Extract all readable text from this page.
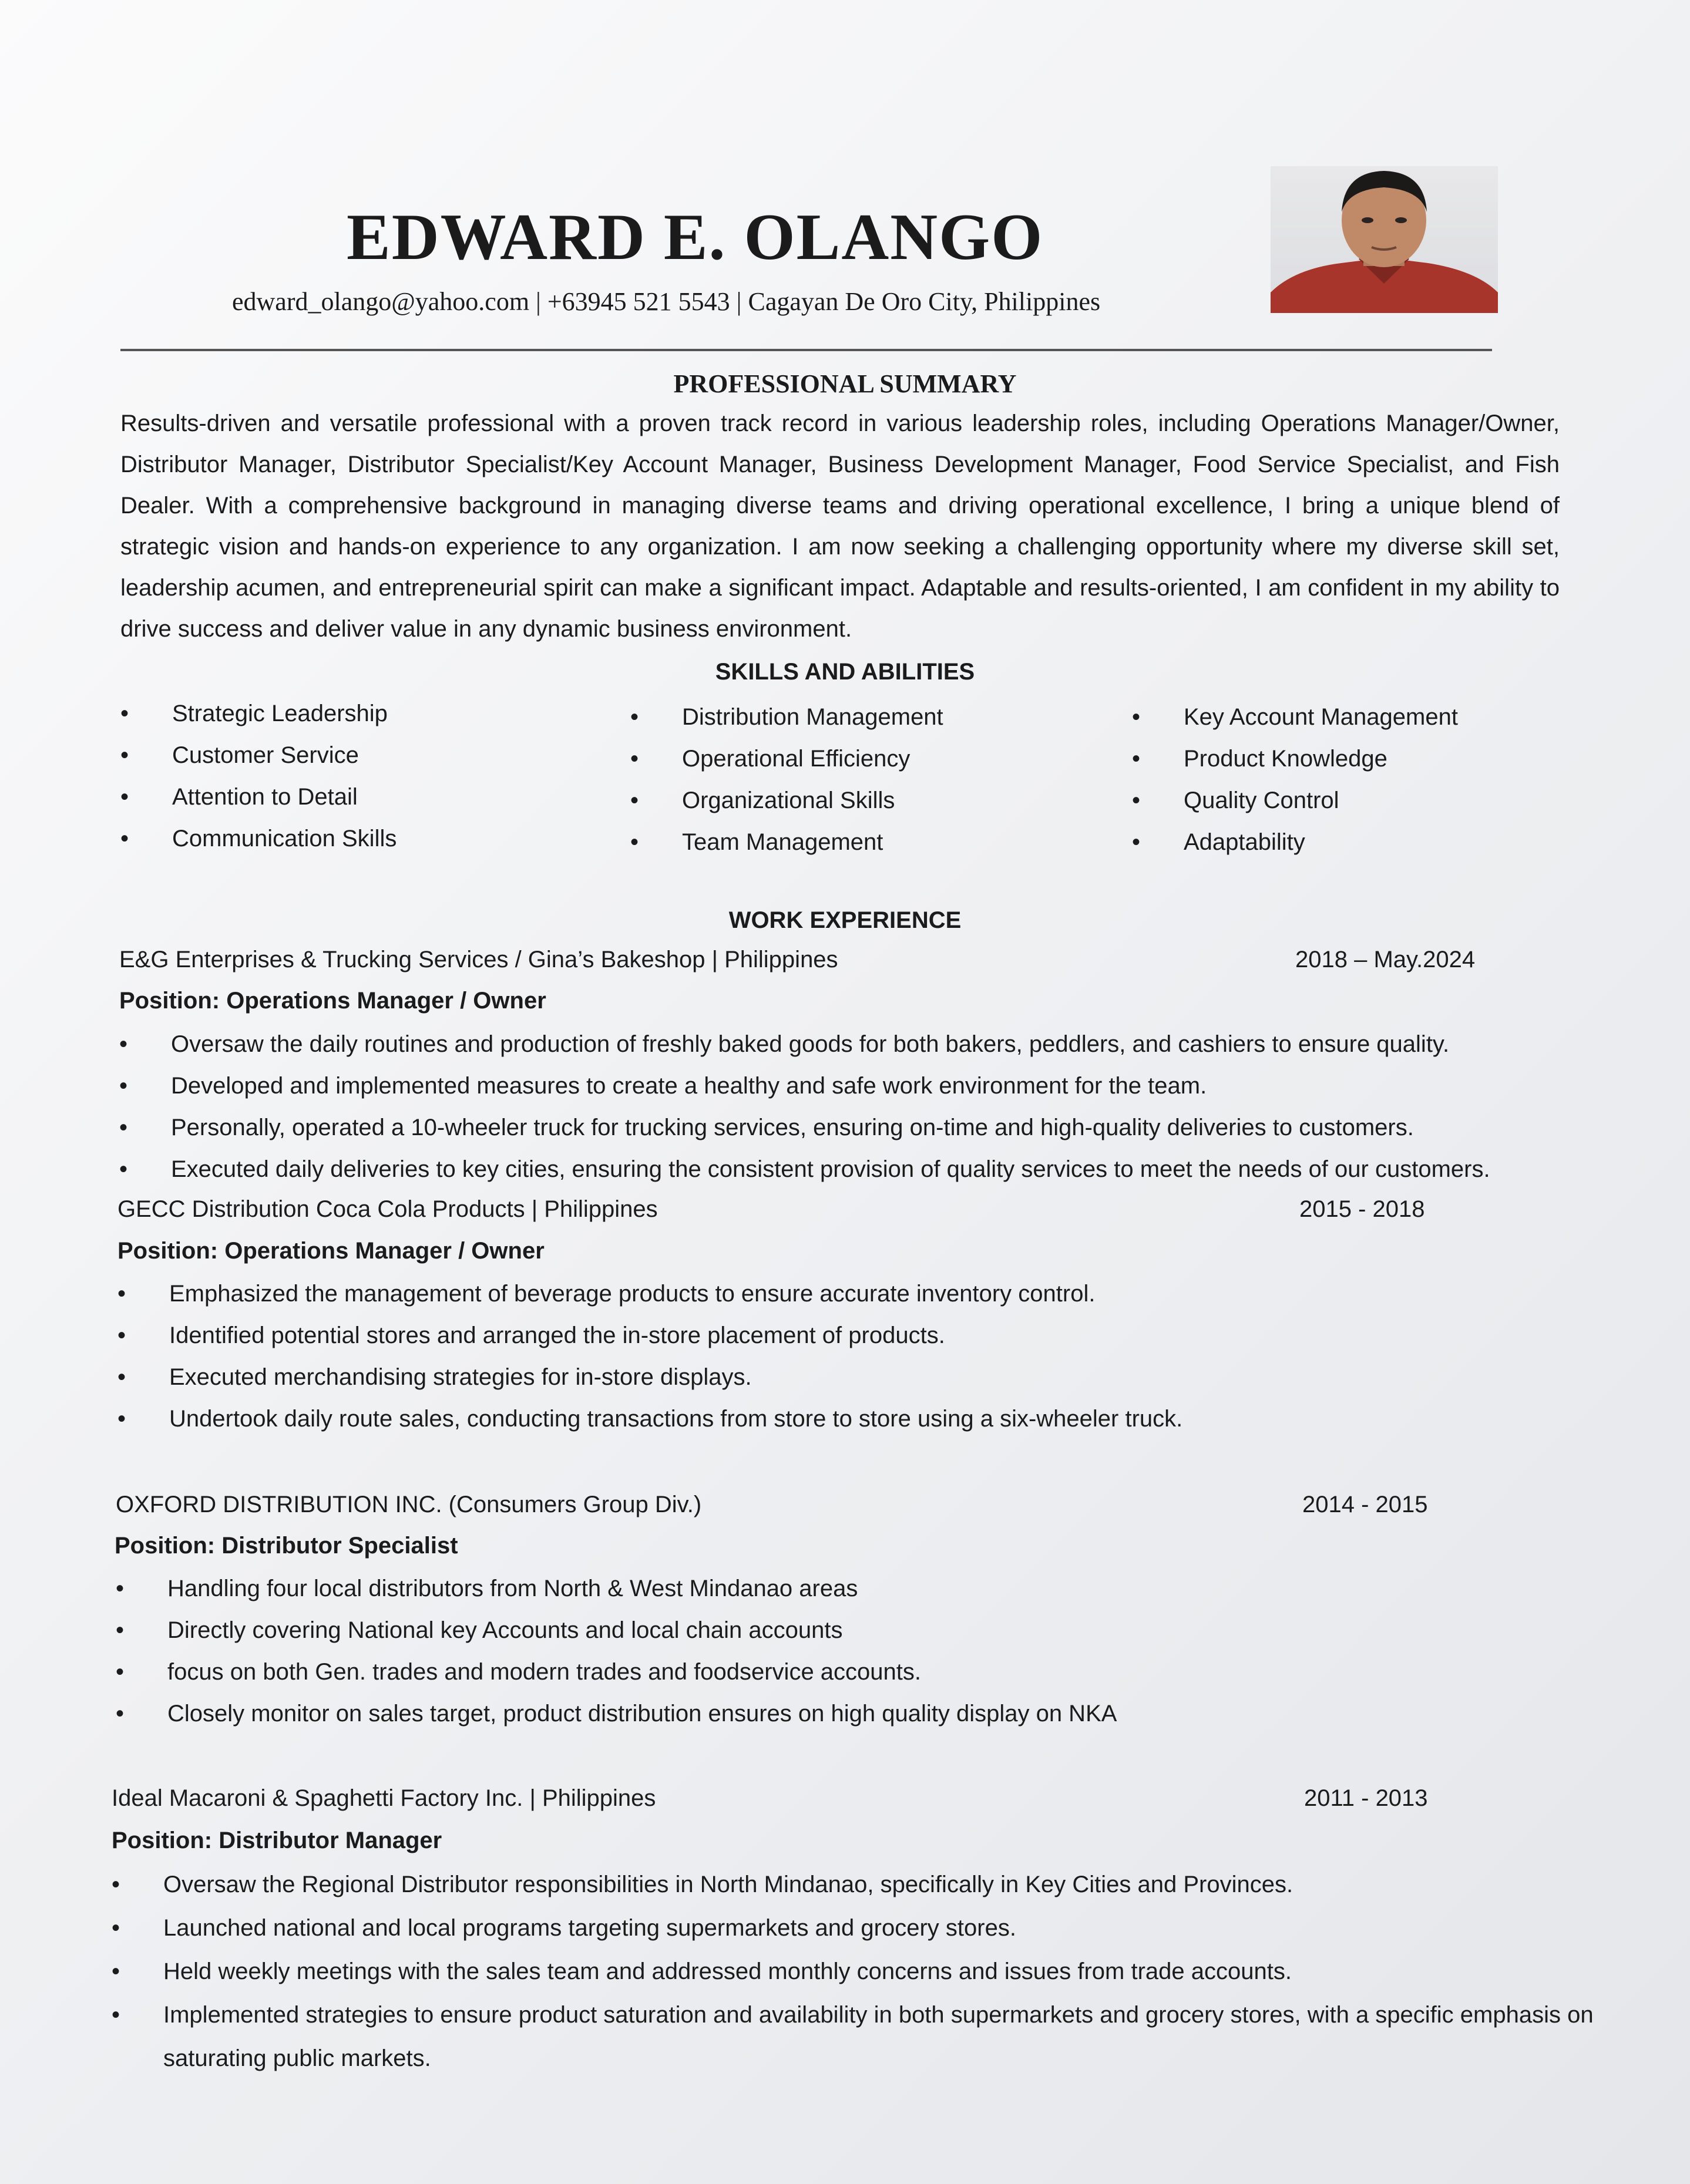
EDWARD E. OLANGO
edward_olango@yahoo.com | +63945 521 5543 | Cagayan De Oro City, Philippines
PROFESSIONAL SUMMARY

Results-driven and versatile professional with a proven track record in various leadership roles, including Operations Manager/Owner, Distributor Manager, Distributor Specialist/Key Account Manager, Business Development Manager, Food Service Specialist, and Fish Dealer. With a comprehensive background in managing diverse teams and driving operational excellence, I bring a unique blend of strategic vision and hands-on experience to any organization. I am now seeking a challenging opportunity where my diverse skill set, leadership acumen, and entrepreneurial spirit can make a significant impact. Adaptable and results-oriented, I am confident in my ability to drive success and deliver value in any dynamic business environment.

SKILLS AND ABILITIES
• Strategic Leadership
• Customer Service
• Attention to Detail
• Communication Skills
• Distribution Management
• Operational Efficiency
• Organizational Skills
• Team Management
• Key Account Management
• Product Knowledge
• Quality Control
• Adaptability
WORK EXPERIENCE
E&G Enterprises & Trucking Services / Gina’s Bakeshop | Philippines	2018 – May.2024
Position: Operations Manager / Owner
• Oversaw the daily routines and production of freshly baked goods for both bakers, peddlers, and cashiers to ensure quality.
• Developed and implemented measures to create a healthy and safe work environment for the team.
• Personally, operated a 10-wheeler truck for trucking services, ensuring on-time and high-quality deliveries to customers.
• Executed daily deliveries to key cities, ensuring the consistent provision of quality services to meet the needs of our customers.
GECC Distribution Coca Cola Products | Philippines	2015 - 2018
Position: Operations Manager / Owner
• Emphasized the management of beverage products to ensure accurate inventory control.
• Identified potential stores and arranged the in-store placement of products.
• Executed merchandising strategies for in-store displays.
• Undertook daily route sales, conducting transactions from store to store using a six-wheeler truck.
OXFORD DISTRIBUTION INC. (Consumers Group Div.)	2014 - 2015
Position: Distributor Specialist
• Handling four local distributors from North & West Mindanao areas
• Directly covering National key Accounts and local chain accounts
• focus on both Gen. trades and modern trades and foodservice accounts.
• Closely monitor on sales target, product distribution ensures on high quality display on NKA
Ideal Macaroni & Spaghetti Factory Inc. | Philippines	2011 - 2013
Position: Distributor Manager
• Oversaw the Regional Distributor responsibilities in North Mindanao, specifically in Key Cities and Provinces.
• Launched national and local programs targeting supermarkets and grocery stores.
• Held weekly meetings with the sales team and addressed monthly concerns and issues from trade accounts.
• Implemented strategies to ensure product saturation and availability in both supermarkets and grocery stores, with a specific emphasis on saturating public markets.
